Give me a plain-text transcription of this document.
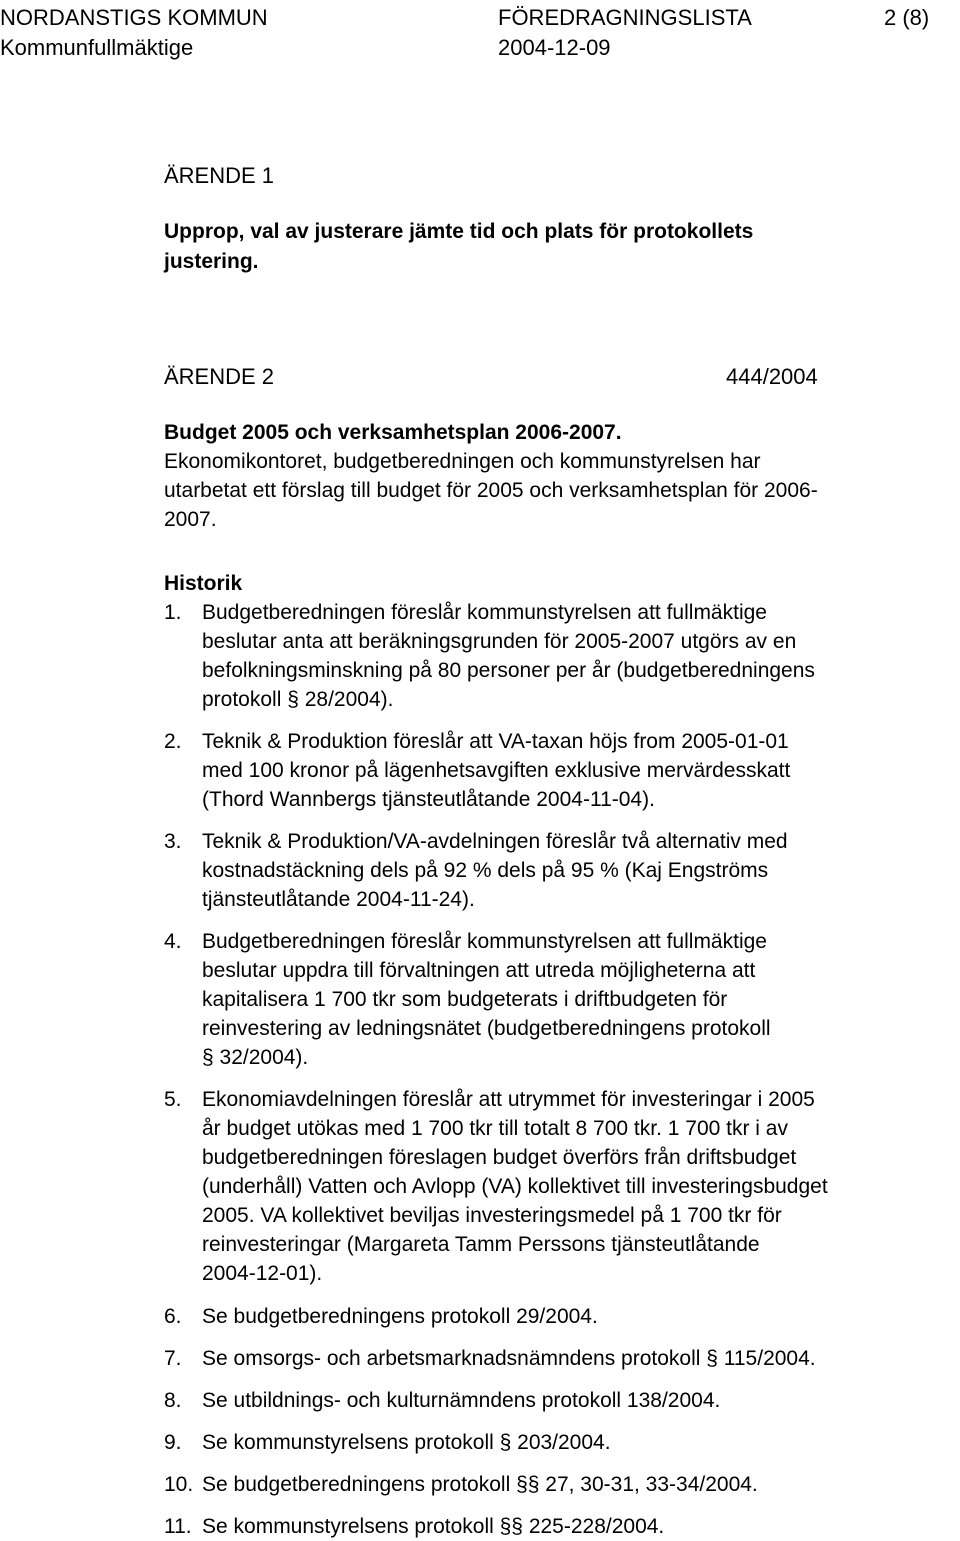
NORDANSTIGS KOMMUN	FÖREDRAGNINGSLISTA	2 (8)
Kommunfullmäktige	2004-12-09
ÄRENDE 1
Upprop, val av justerare jämte tid och plats för protokollets
justering.
ÄRENDE 2	444/2004
Budget 2005 och verksamhetsplan 2006-2007.
Ekonomikontoret, budgetberedningen och kommunstyrelsen har
utarbetat ett förslag till budget för 2005 och verksamhetsplan för 2006-
2007.
Historik
1. Budgetberedningen föreslår kommunstyrelsen att fullmäktige
beslutar anta att beräkningsgrunden för 2005-2007 utgörs av en
befolkningsminskning på 80 personer per år (budgetberedningens
protokoll § 28/2004).
2. Teknik & Produktion föreslår att VA-taxan höjs from 2005-01-01
med 100 kronor på lägenhetsavgiften exklusive mervärdesskatt
(Thord Wannbergs tjänsteutlåtande 2004-11-04).
3. Teknik & Produktion/VA-avdelningen föreslår två alternativ med
kostnadstäckning dels på 92 % dels på 95 % (Kaj Engströms
tjänsteutlåtande 2004-11-24).
4. Budgetberedningen föreslår kommunstyrelsen att fullmäktige
beslutar uppdra till förvaltningen att utreda möjligheterna att
kapitalisera 1 700 tkr som budgeterats i driftbudgeten för
reinvestering av ledningsnätet (budgetberedningens protokoll
§ 32/2004).
5. Ekonomiavdelningen föreslår att utrymmet för investeringar i 2005
år budget utökas med 1 700 tkr till totalt 8 700 tkr. 1 700 tkr i av
budgetberedningen föreslagen budget överförs från driftsbudget
(underhåll) Vatten och Avlopp (VA) kollektivet till investeringsbudget
2005. VA kollektivet beviljas investeringsmedel på 1 700 tkr för
reinvesteringar (Margareta Tamm Perssons tjänsteutlåtande
2004-12-01).
6. Se budgetberedningens protokoll 29/2004.
7. Se omsorgs- och arbetsmarknadsnämndens protokoll § 115/2004.
8. Se utbildnings- och kulturnämndens protokoll 138/2004.
9. Se kommunstyrelsens protokoll § 203/2004.
10. Se budgetberedningens protokoll §§ 27, 30-31, 33-34/2004.
11. Se kommunstyrelsens protokoll §§ 225-228/2004.
